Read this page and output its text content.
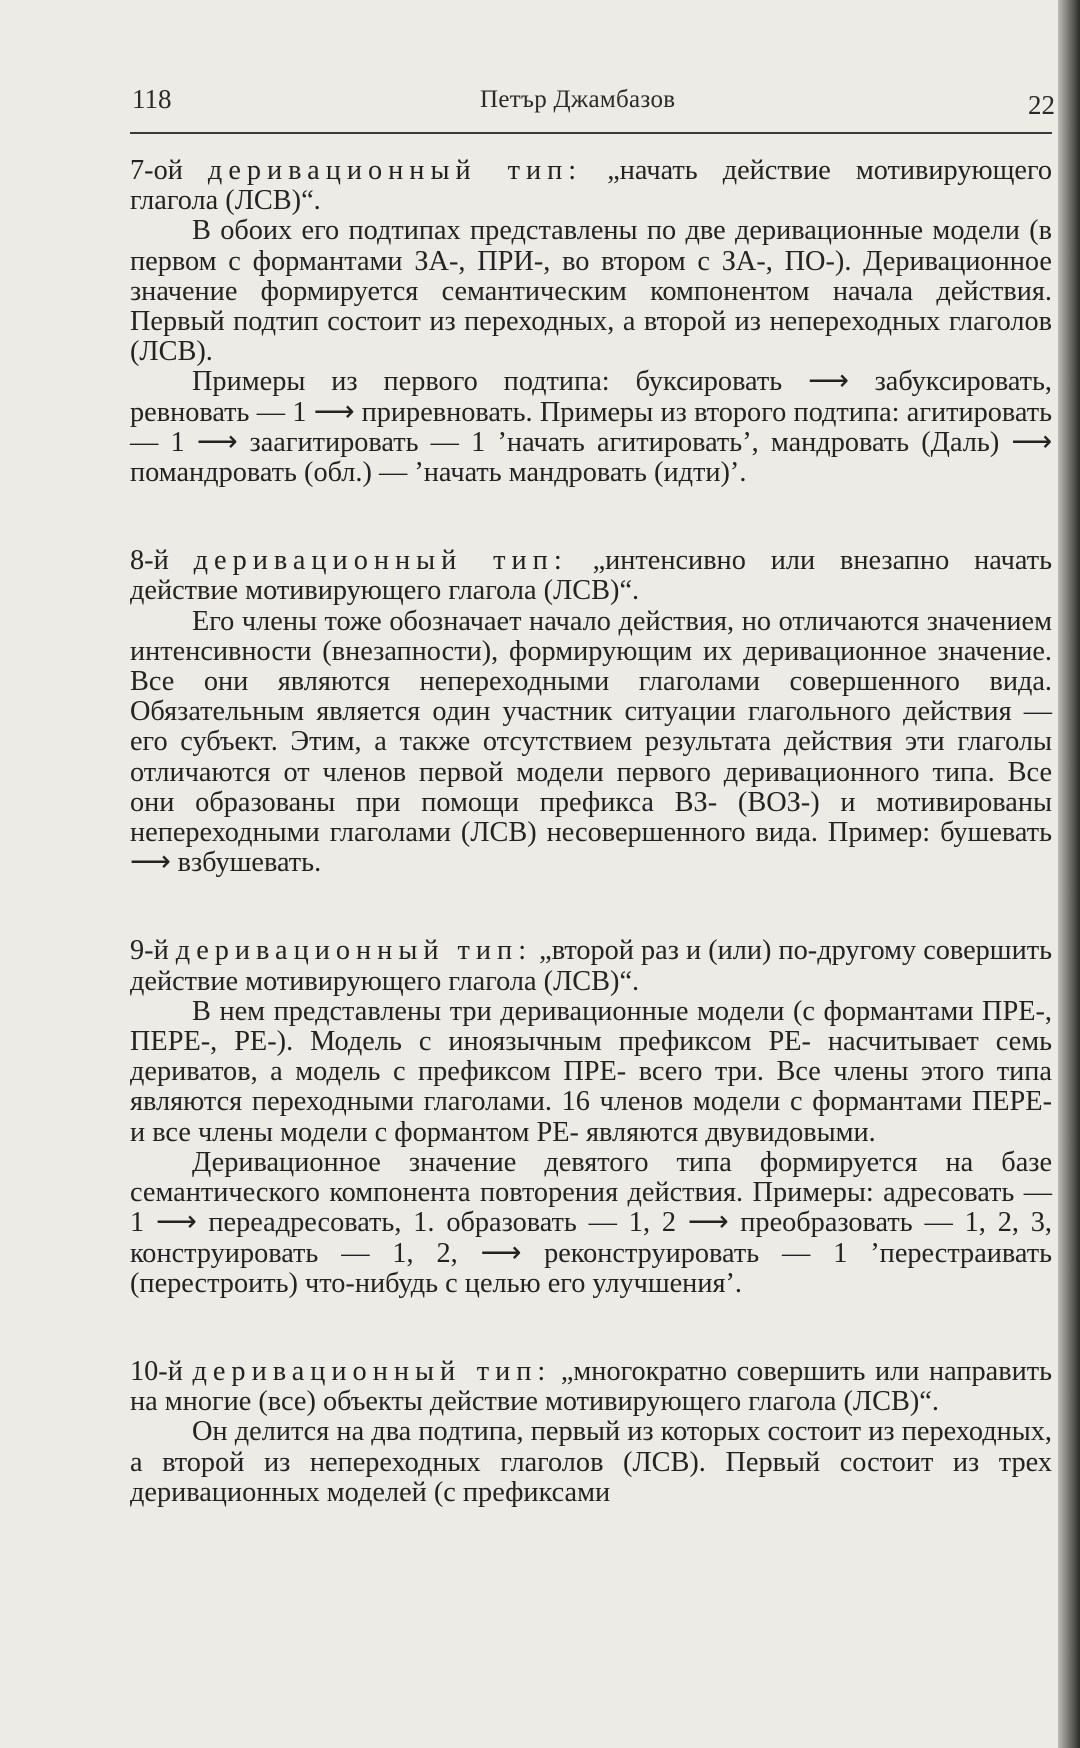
118	Петър Джамбазов	22

7-ой деривационный тип: „начать действие мотивирующего глагола (ЛСВ)“.

В обоих его подтипах представлены по две деривационные модели (в первом с формантами ЗА-, ПРИ-, во втором с ЗА-, ПО-). Деривационное значение формируется семантическим компонентом начала действия. Первый подтип состоит из переходных, а второй из непереходных глаголов (ЛСВ).

Примеры из первого подтипа: буксировать ⟶ забуксировать, ревновать — 1 ⟶ приревновать. Примеры из второго подтипа: агитировать — 1 ⟶ заагитировать — 1 ’начать агитировать’, мандровать (Даль) ⟶ помандровать (обл.) — ’начать мандровать (идти)’.

8-й деривационный тип: „интенсивно или внезапно начать действие мотивирующего глагола (ЛСВ)“.

Его члены тоже обозначает начало действия, но отличаются значением интенсивности (внезапности), формирующим их деривационное значение. Все они являются непереходными глаголами совершенного вида. Обязательным является один участник ситуации глагольного действия — его субъект. Этим, а также отсутствием результата действия эти глаголы отличаются от членов первой модели первого деривационного типа. Все они образованы при помощи префикса ВЗ- (ВОЗ-) и мотивированы непереходными глаголами (ЛСВ) несовершенного вида. Пример: бушевать ⟶ взбушевать.

9-й деривационный тип: „второй раз и (или) по-другому совершить действие мотивирующего глагола (ЛСВ)“.

В нем представлены три деривационные модели (с формантами ПРЕ-, ПЕРЕ-, РЕ-). Модель с иноязычным префиксом РЕ- насчитывает семь дериватов, а модель с префиксом ПРЕ- всего три. Все члены этого типа являются переходными глаголами. 16 членов модели с формантами ПЕРЕ- и все члены модели с формантом РЕ- являются двувидовыми.

Деривационное значение девятого типа формируется на базе семантического компонента повторения действия. Примеры: адресовать — 1 ⟶ переадресовать, 1. образовать — 1, 2 ⟶ преобразовать — 1, 2, 3, конструировать — 1, 2, ⟶ реконструировать — 1 ’перестраивать (перестроить) что-нибудь с целью его улучшения’.

10-й деривационный тип: „многократно совершить или направить на многие (все) объекты действие мотивирующего глагола (ЛСВ)“.

Он делится на два подтипа, первый из которых состоит из переходных, а второй из непереходных глаголов (ЛСВ). Первый состоит из трех деривационных моделей (с префиксами
